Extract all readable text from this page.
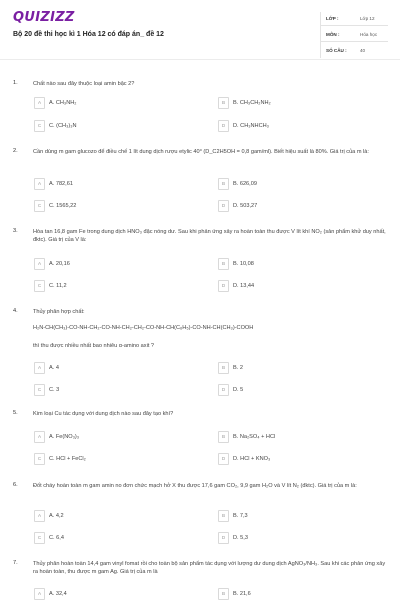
QUIZIZZ
Bộ 20 đề thi học kì 1 Hóa 12 có đáp án_ đề 12
LỚP :	Lớp 12
MÔN :	Hóa học
SỐ CÂU :	40
1.	Chất nào sau đây thuộc loại amin bậc 2?
A	A. CH₃NH₂	B	B. CH₃CH₂NH₂
C	C. (CH₃)₃N	D	D. CH₃NHCH₃
2.	Cần dùng m gam glucozo để điều chế 1 lít dung dịch rượu etylic 40⁰ (D_C2H5OH = 0,8 gam/ml). Biết hiệu suất là 80%. Giá trị của m là:
A	A. 782,61	B	B. 626,09
C	C. 1565,22	D	D. 503,27
3.	Hòa tan 16,8 gam Fe trong dung dịch HNO₃ đặc nóng dư. Sau khi phản ứng xảy ra hoàn toàn thu được V lít khí NO₂ (sản phẩm khử duy nhất, đktc). Giá trị của V là:
A	A. 20,16	B	B. 10,08
C	C. 11,2	D	D. 13,44
4.	Thủy phân hợp chất:
H₂N-CH(CH₃)-CO-NH-CH₂-CO-NH-CH₂-CH₂-CO-NH-CH(C₆H₅)-CO-NH-CH(CH₃)-COOH
thì thu được nhiều nhất bao nhiêu α-amino axit ?
A	A. 4	B	B. 2
C	C. 3	D	D. 5
5.	Kim loại Cu tác dụng với dung dịch nào sau đây tạo khí?
A	A. Fe(NO₃)₃	B	B. Na₂SO₄ + HCl
C	C. HCl + FeCl₂	D	D. HCl + KNO₃
6.	Đốt cháy hoàn toàn m gam amin no đơn chức mạch hở X thu được 17,6 gam CO₂, 9,9 gam H₂O và V lít N₂ (đktc). Giá trị của m là:
A	A. 4,2	B	B. 7,3
C	C. 6,4	D	D. 5,3
7.	Thủy phân hoàn toàn 14,4 gam vinyl fomat rồi cho toàn bộ sản phẩm tác dụng với lượng dư dung dịch AgNO₃/NH₃. Sau khi các phản ứng xảy ra hoàn toàn, thu được m gam Ag. Giá trị của m là
A	A. 32,4	B	B. 21,6
